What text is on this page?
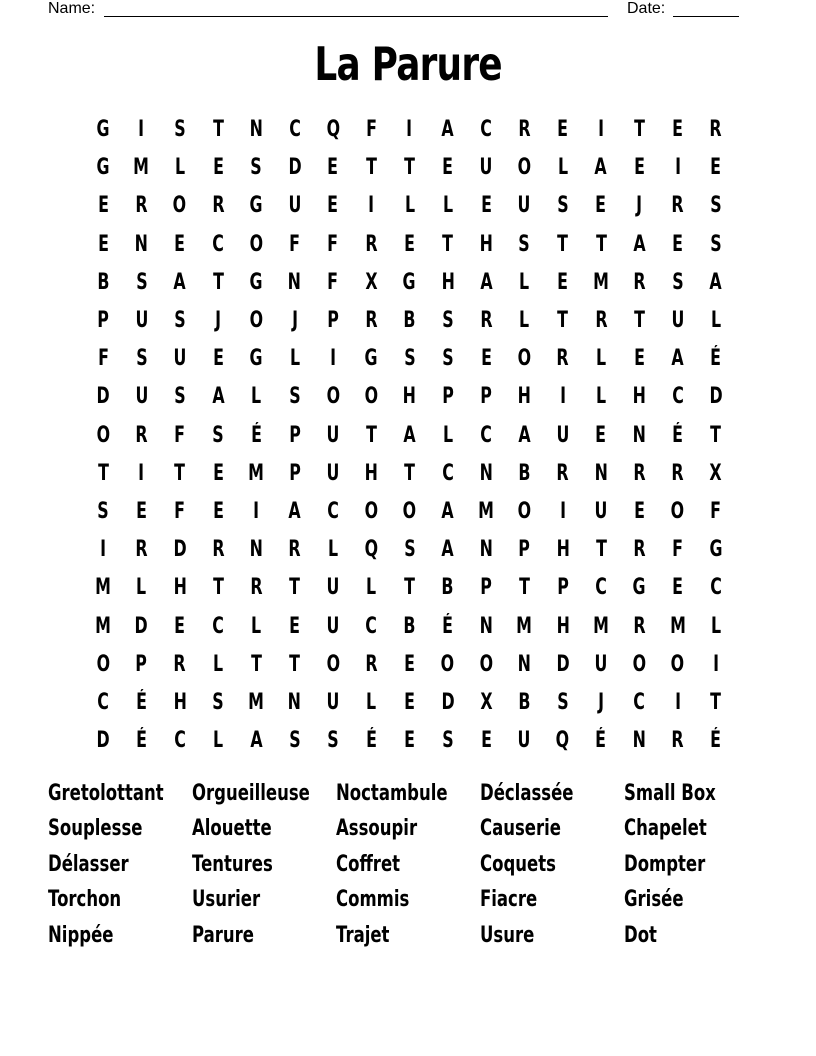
Name:	Date:
La Parure
G	I	S	T	N	C	Q	F	I	A	C	R	E	I	T	E	R
G	M	L	E	S	D	E	T	T	E	U	O	L	A	E	I	E
E	R	O	R	G	U	E	I	L	L	E	U	S	E	J	R	S
E	N	E	C	O	F	F	R	E	T	H	S	T	T	A	E	S
B	S	A	T	G	N	F	X	G	H	A	L	E	M	R	S	A
P	U	S	J	O	J	P	R	B	S	R	L	T	R	T	U	L
F	S	U	E	G	L	I	G	S	S	E	O	R	L	E	A	É
D	U	S	A	L	S	O	O	H	P	P	H	I	L	H	C	D
O	R	F	S	É	P	U	T	A	L	C	A	U	E	N	É	T
T	I	T	E	M	P	U	H	T	C	N	B	R	N	R	R	X
S	E	F	E	I	A	C	O	O	A	M	O	I	U	E	O	F
I	R	D	R	N	R	L	Q	S	A	N	P	H	T	R	F	G
M	L	H	T	R	T	U	L	T	B	P	T	P	C	G	E	C
M	D	E	C	L	E	U	C	B	É	N	M	H	M	R	M	L
O	P	R	L	T	T	O	R	E	O	O	N	D	U	O	O	I
C	É	H	S	M	N	U	L	E	D	X	B	S	J	C	I	T
D	É	C	L	A	S	S	É	E	S	E	U	Q	É	N	R	É
Gretolottant	Orgueilleuse	Noctambule	Déclassée	Small Box
Souplesse	Alouette	Assoupir	Causerie	Chapelet
Délasser	Tentures	Coffret	Coquets	Dompter
Torchon	Usurier	Commis	Fiacre	Grisée
Nippée	Parure	Trajet	Usure	Dot
